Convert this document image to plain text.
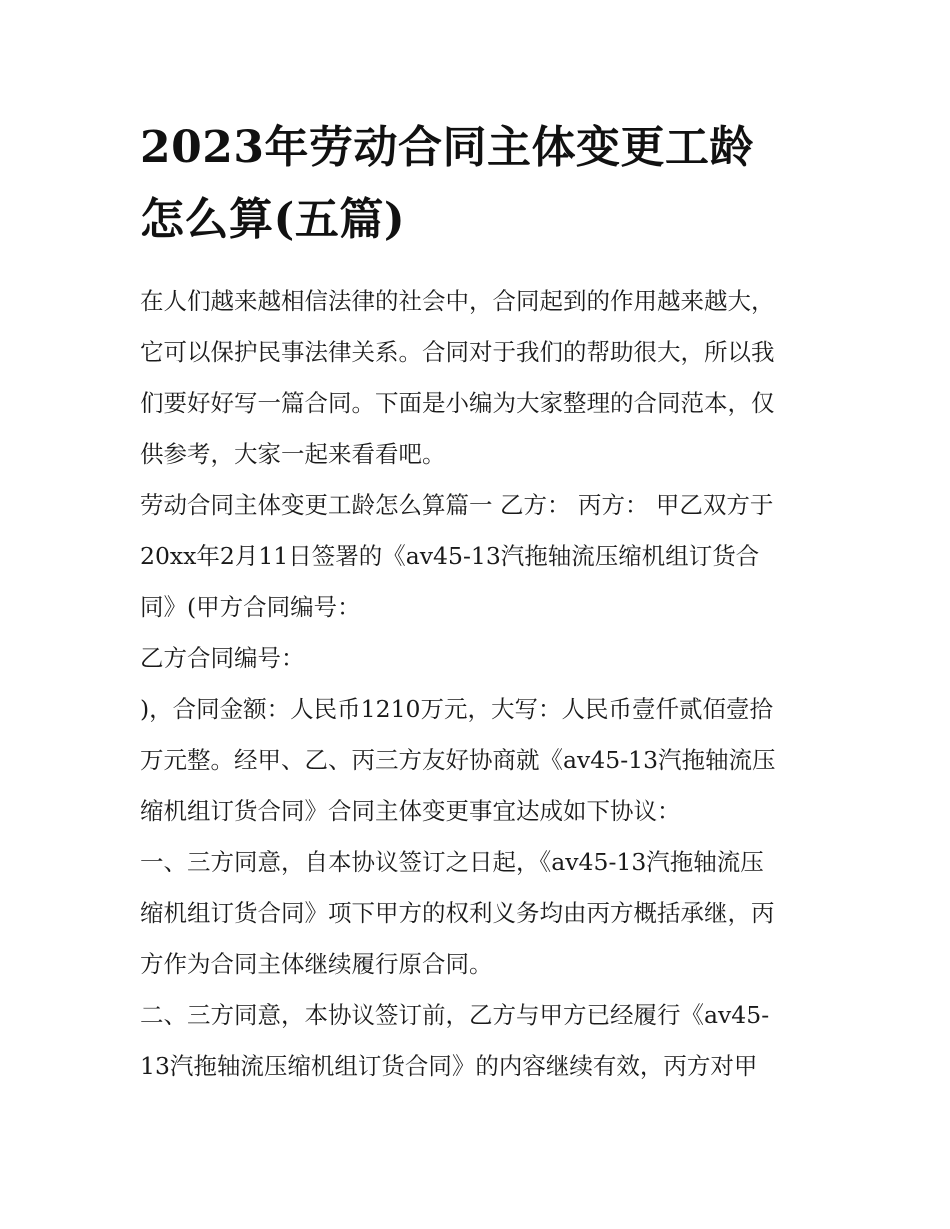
2023年劳动合同主体变更工龄
怎么算(五篇)
在人们越来越相信法律的社会中，合同起到的作用越来越大，
它可以保护民事法律关系。合同对于我们的帮助很大，所以我
们要好好写一篇合同。下面是小编为大家整理的合同范本，仅
供参考，大家一起来看看吧。
劳动合同主体变更工龄怎么算篇一 乙方： 丙方： 甲乙双方于
20xx年2月11日签署的《av45-13汽拖轴流压缩机组订货合
同》(甲方合同编号：
乙方合同编号：
)，合同金额：人民币1210万元，大写：人民币壹仟贰佰壹拾
万元整。经甲、乙、丙三方友好协商就《av45-13汽拖轴流压
缩机组订货合同》合同主体变更事宜达成如下协议：
一、三方同意，自本协议签订之日起，《av45-13汽拖轴流压
缩机组订货合同》项下甲方的权利义务均由丙方概括承继，丙
方作为合同主体继续履行原合同。
二、三方同意，本协议签订前，乙方与甲方已经履行《av45-
13汽拖轴流压缩机组订货合同》的内容继续有效，丙方对甲
